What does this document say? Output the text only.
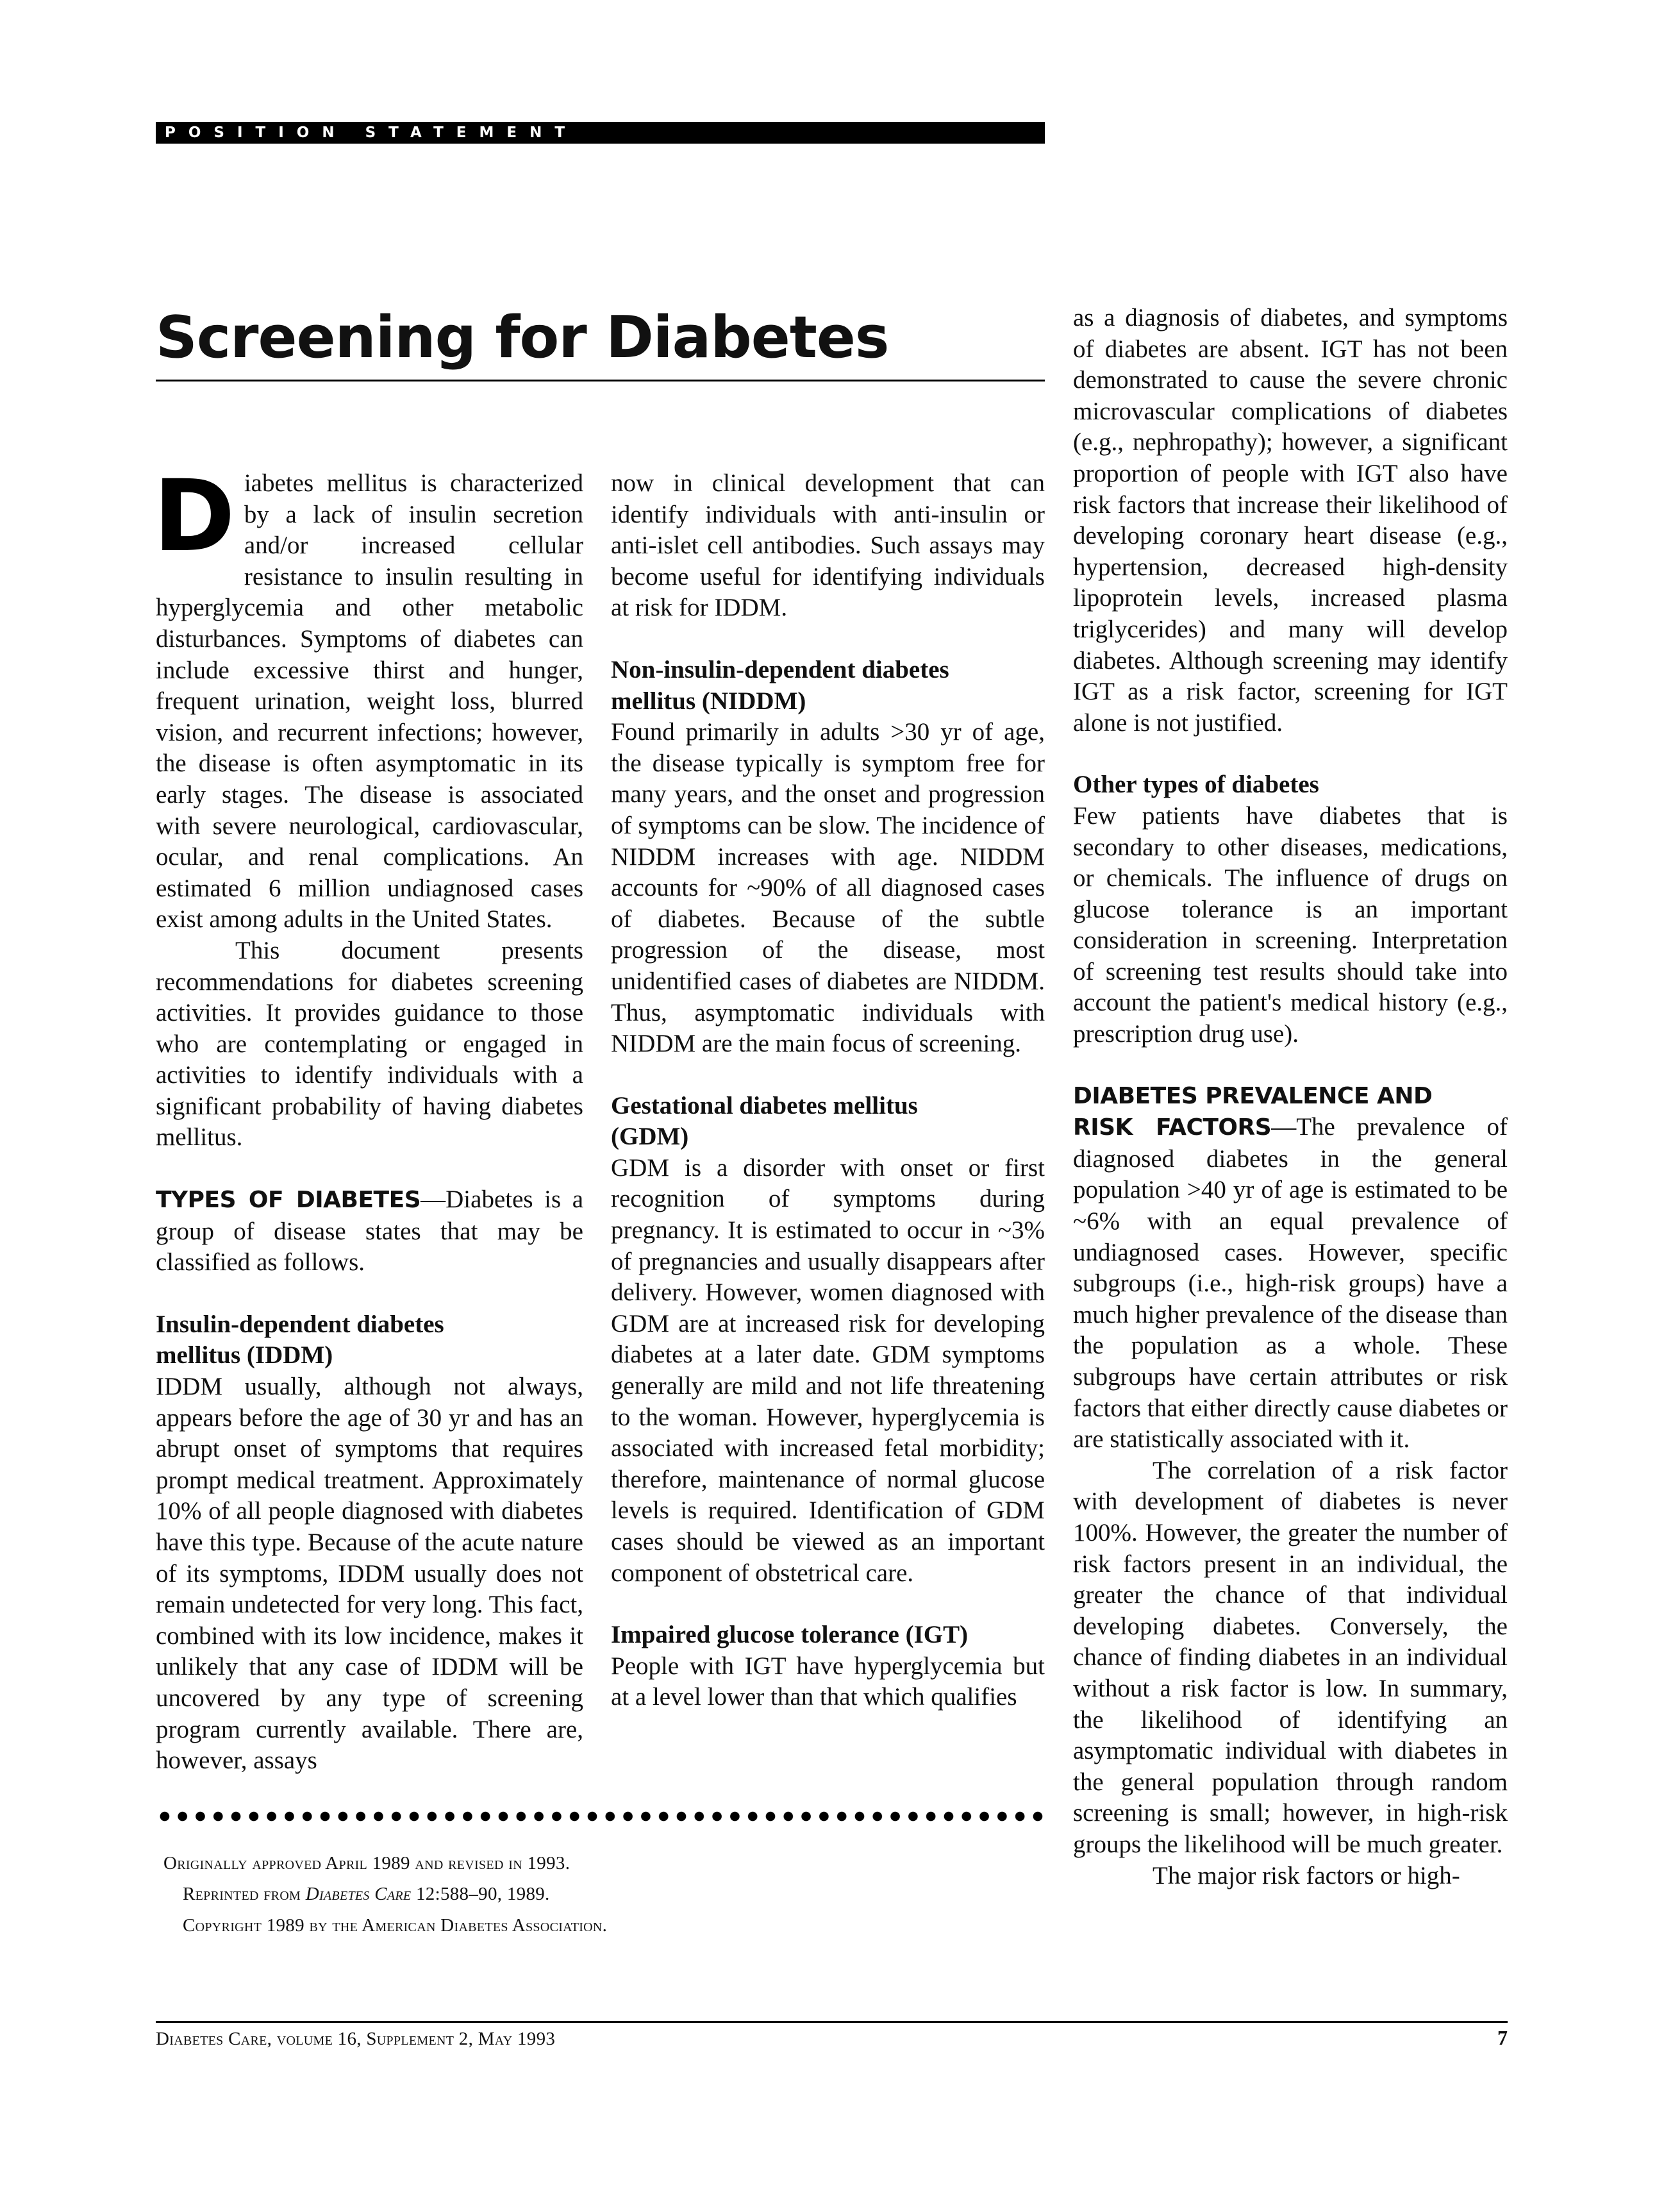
POSITION STATEMENT
Screening for Diabetes

Diabetes mellitus is characterized by a lack of insulin secretion and/or increased cellular resistance to insulin resulting in hyperglycemia and other metabolic disturbances. Symptoms of diabetes can include excessive thirst and hunger, frequent urination, weight loss, blurred vision, and recurrent infections; however, the disease is often asymptomatic in its early stages. The disease is associated with severe neurological, cardiovascular, ocular, and renal complications. An estimated 6 million undiagnosed cases exist among adults in the United States.

This document presents recommendations for diabetes screening activities. It provides guidance to those who are contemplating or engaged in activities to identify individuals with a significant probability of having diabetes mellitus.

TYPES OF DIABETES—Diabetes is a group of disease states that may be classified as follows.

Insulin-dependent diabetes
mellitus (IDDM)

IDDM usually, although not always, appears before the age of 30 yr and has an abrupt onset of symptoms that requires prompt medical treatment. Approximately 10% of all people diagnosed with diabetes have this type. Because of the acute nature of its symptoms, IDDM usually does not remain undetected for very long. This fact, combined with its low incidence, makes it unlikely that any case of IDDM will be uncovered by any type of screening program currently available. There are, however, assays

now in clinical development that can identify individuals with anti-insulin or anti-islet cell antibodies. Such assays may become useful for identifying individuals at risk for IDDM.

Non-insulin-dependent diabetes
mellitus (NIDDM)

Found primarily in adults >30 yr of age, the disease typically is symptom free for many years, and the onset and progression of symptoms can be slow. The incidence of NIDDM increases with age. NIDDM accounts for ~90% of all diagnosed cases of diabetes. Because of the subtle progression of the disease, most unidentified cases of diabetes are NIDDM. Thus, asymptomatic individuals with NIDDM are the main focus of screening.

Gestational diabetes mellitus
(GDM)

GDM is a disorder with onset or first recognition of symptoms during pregnancy. It is estimated to occur in ~3% of pregnancies and usually disappears after delivery. However, women diagnosed with GDM are at increased risk for developing diabetes at a later date. GDM symptoms generally are mild and not life threatening to the woman. However, hyperglycemia is associated with increased fetal morbidity; therefore, maintenance of normal glucose levels is required. Identification of GDM cases should be viewed as an important component of obstetrical care.

Impaired glucose tolerance (IGT)

People with IGT have hyperglycemia but at a level lower than that which qualifies

as a diagnosis of diabetes, and symptoms of diabetes are absent. IGT has not been demonstrated to cause the severe chronic microvascular complications of diabetes (e.g., nephropathy); however, a significant proportion of people with IGT also have risk factors that increase their likelihood of developing coronary heart disease (e.g., hypertension, decreased high-density lipoprotein levels, increased plasma triglycerides) and many will develop diabetes. Although screening may identify IGT as a risk factor, screening for IGT alone is not justified.

Other types of diabetes

Few patients have diabetes that is secondary to other diseases, medications, or chemicals. The influence of drugs on glucose tolerance is an important consideration in screening. Interpretation of screening test results should take into account the patient's medical history (e.g., prescription drug use).

DIABETES PREVALENCE AND

RISK FACTORS—The prevalence of diagnosed diabetes in the general population >40 yr of age is estimated to be ~6% with an equal prevalence of undiagnosed cases. However, specific subgroups (i.e., high-risk groups) have a much higher prevalence of the disease than the population as a whole. These subgroups have certain attributes or risk factors that either directly cause diabetes or are statistically associated with it.

The correlation of a risk factor with development of diabetes is never 100%. However, the greater the number of risk factors present in an individual, the greater the chance of that individual developing diabetes. Conversely, the chance of finding diabetes in an individual without a risk factor is low. In summary, the likelihood of identifying an asymptomatic individual with diabetes in the general population through random screening is small; however, in high-risk groups the likelihood will be much greater.

The major risk factors or high-

Originally approved April 1989 and revised in 1993.
Reprinted from Diabetes Care 12:588–90, 1989.
Copyright 1989 by the American Diabetes Association.
Diabetes Care, volume 16, Supplement 2, May 1993	7
